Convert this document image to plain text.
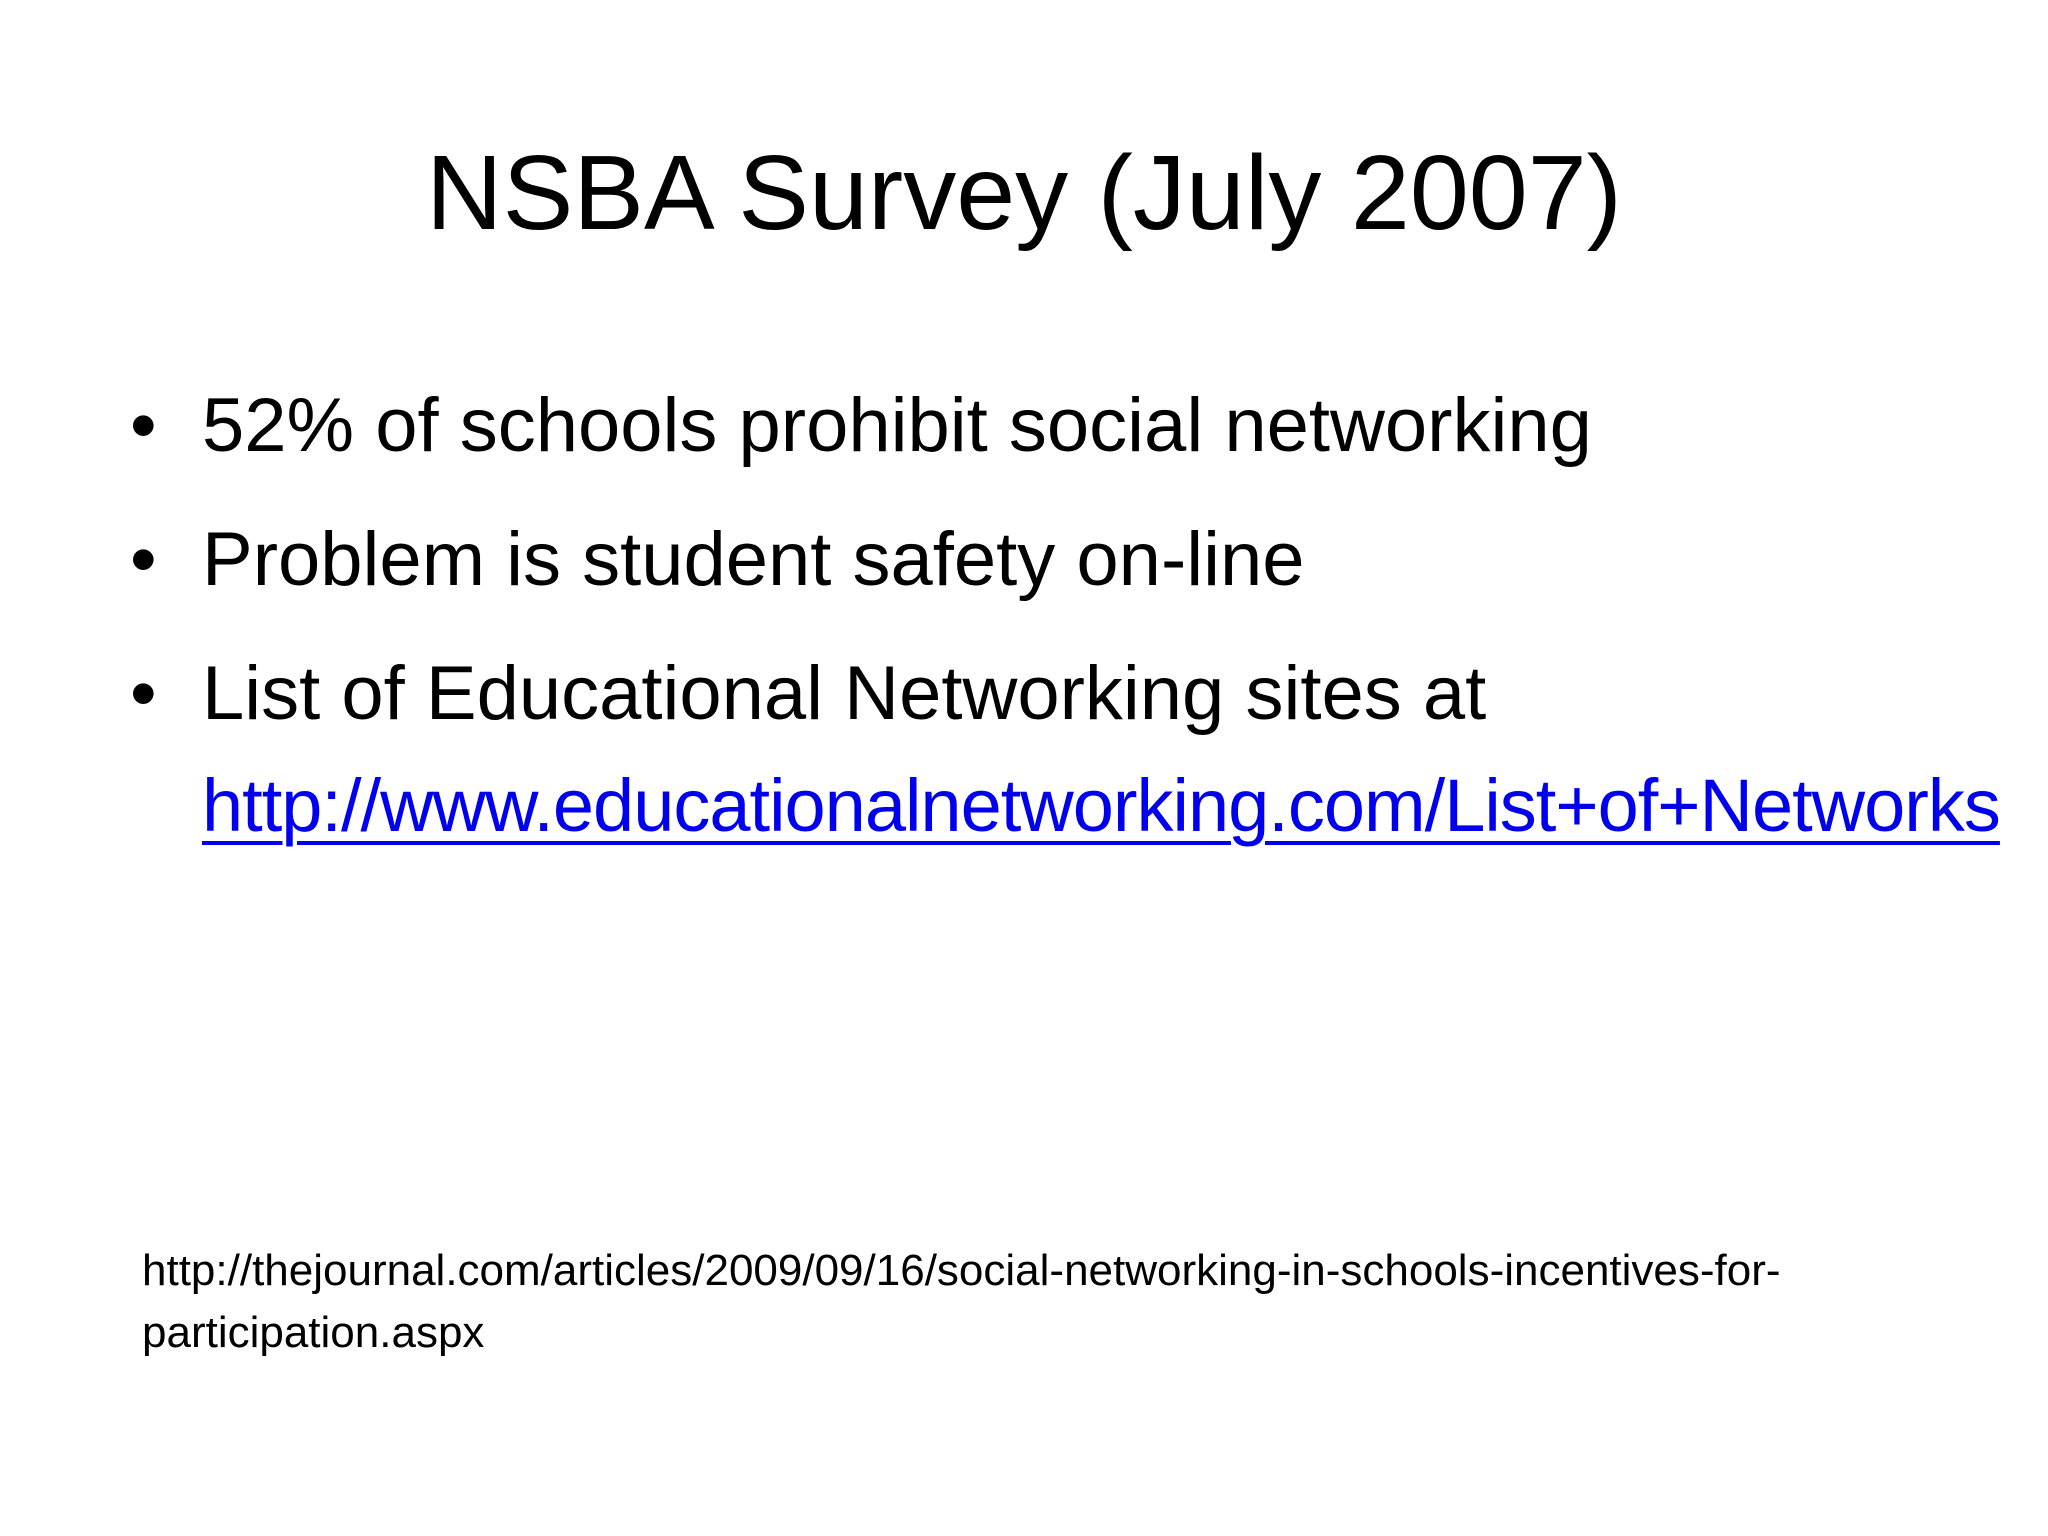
NSBA Survey (July 2007)
• 52% of schools prohibit social networking
• Problem is student safety on-line
• List of Educational Networking sites at
http://www.educationalnetworking.com/List+of+Networks

http://thejournal.com/articles/2009/09/16/social-networking-in-schools-incentives-for-participation.aspx
